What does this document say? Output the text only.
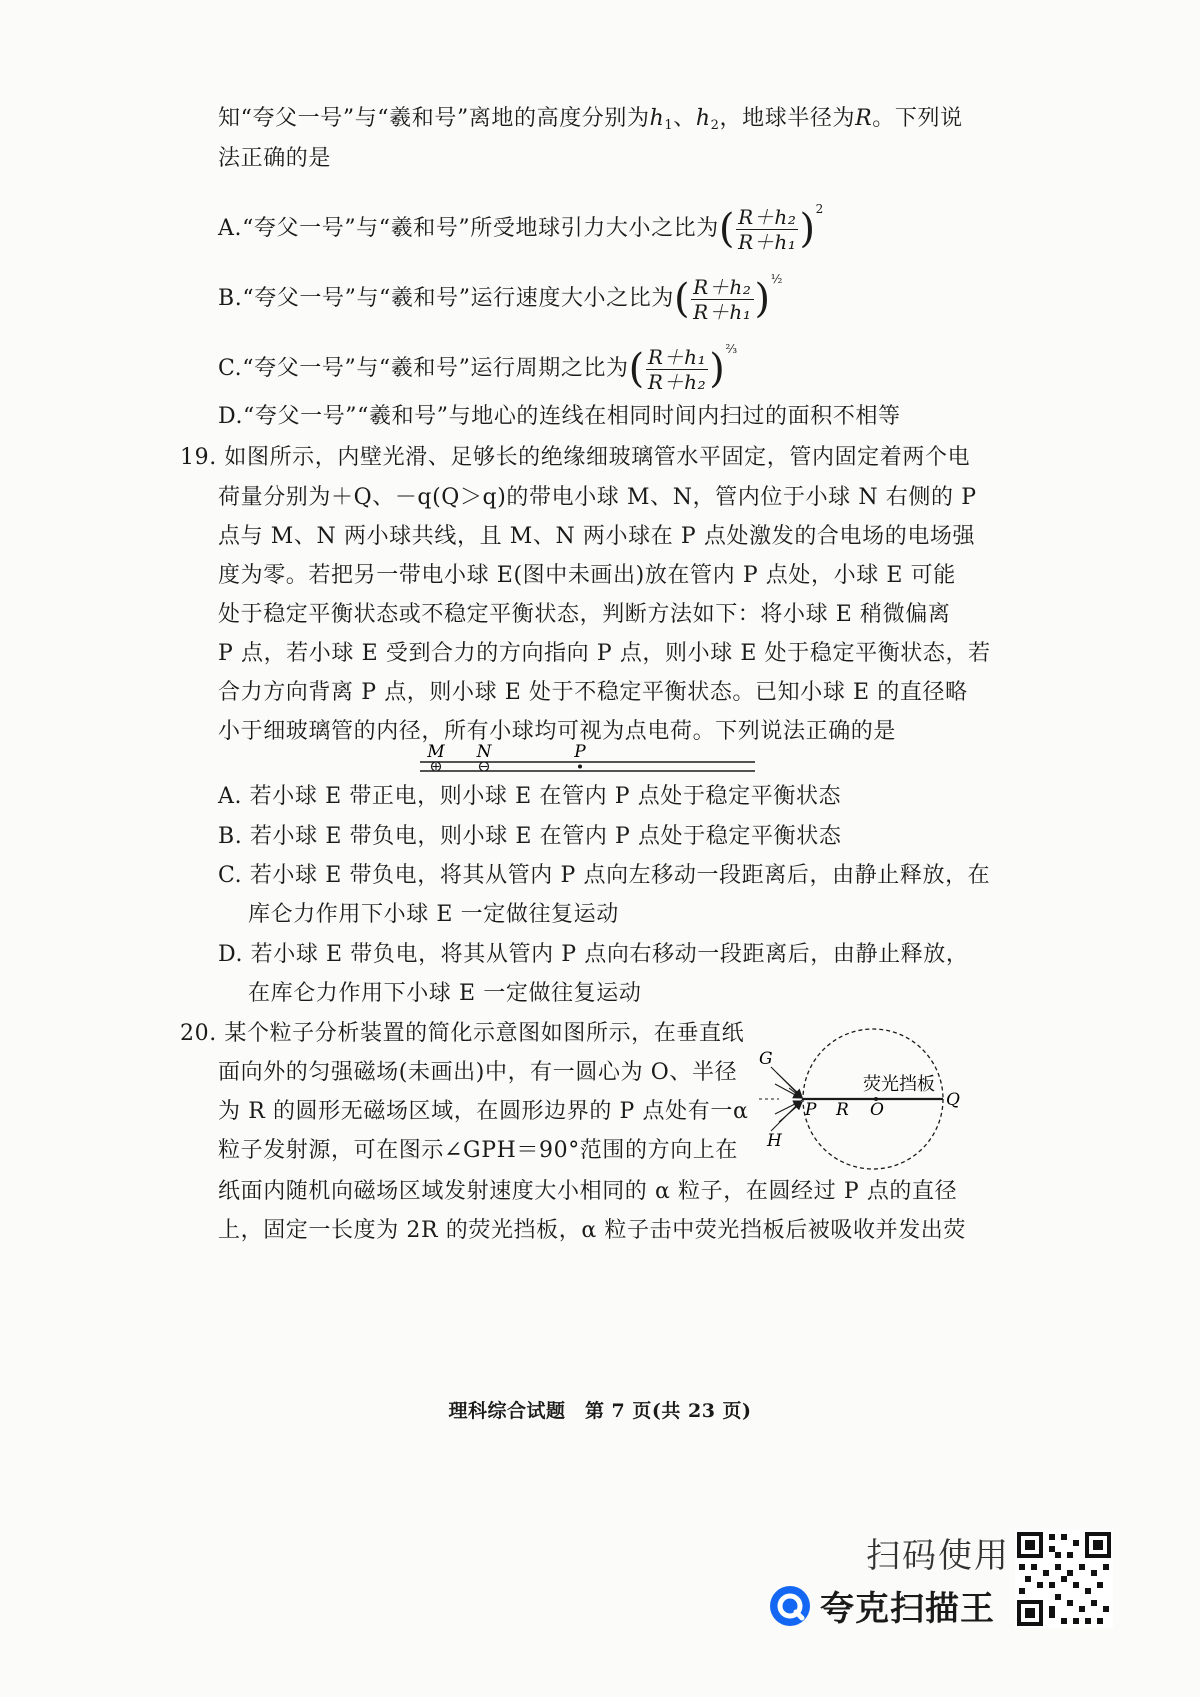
知“夸父一号”与“羲和号”离地的高度分别为$h_1$、$h_2$，地球半径为R。下列说
法正确的是
A.“夸父一号”与“羲和号”所受地球引力大小之比为( $\frac{\text{R＋h₂}}{\text{R＋h₁}} )^2$
B.“夸父一号”与“羲和号”运行速度大小之比为( $\frac{\text{R＋h₂}}{\text{R＋h₁}} )^{\frac{1}{2}}$
C.“夸父一号”与“羲和号”运行周期之比为( $\frac{\text{R＋h₁}}{\text{R＋h₂}} )^{\frac{2}{3}}$
D.“夸父一号”“羲和号”与地心的连线在相同时间内扫过的面积不相等
19. 如图所示，内壁光滑、足够长的绝缘细玻璃管水平固定，管内固定着两个电
荷量分别为＋Q、－q(Q＞q)的带电小球 M、N，管内位于小球 N 右侧的 P
点与 M、N 两小球共线，且 M、N 两小球在 P 点处激发的合电场的电场强
度为零。若把另一带电小球 E(图中未画出)放在管内 P 点处，小球 E 可能
处于稳定平衡状态或不稳定平衡状态，判断方法如下：将小球 E 稍微偏离
P 点，若小球 E 受到合力的方向指向 P 点，则小球 E 处于稳定平衡状态，若
合力方向背离 P 点，则小球 E 处于不稳定平衡状态。已知小球 E 的直径略
小于细玻璃管的内径，所有小球均可视为点电荷。下列说法正确的是
M N	P
A. 若小球 E 带正电，则小球 E 在管内 P 点处于稳定平衡状态
B. 若小球 E 带负电，则小球 E 在管内 P 点处于稳定平衡状态
C. 若小球 E 带负电，将其从管内 P 点向左移动一段距离后，由静止释放，在
库仑力作用下小球 E 一定做往复运动
D. 若小球 E 带负电，将其从管内 P 点向右移动一段距离后，由静止释放，
在库仑力作用下小球 E 一定做往复运动
20. 某个粒子分析装置的简化示意图如图所示，在垂直纸
面向外的匀强磁场(未画出)中，有一圆心为 O、半径
为 R 的圆形无磁场区域，在圆形边界的 P 点处有一α
粒子发射源，可在图示∠GPH＝90°范围的方向上在
纸面内随机向磁场区域发射速度大小相同的 α 粒子，在圆经过 P 点的直径
上，固定一长度为 2R 的荧光挡板，α 粒子击中荧光挡板后被吸收并发出荧
G
H
P R O	Q
荧光挡板
理科综合试题　第 7 页(共 23 页)
扫码使用
夸克扫描王
